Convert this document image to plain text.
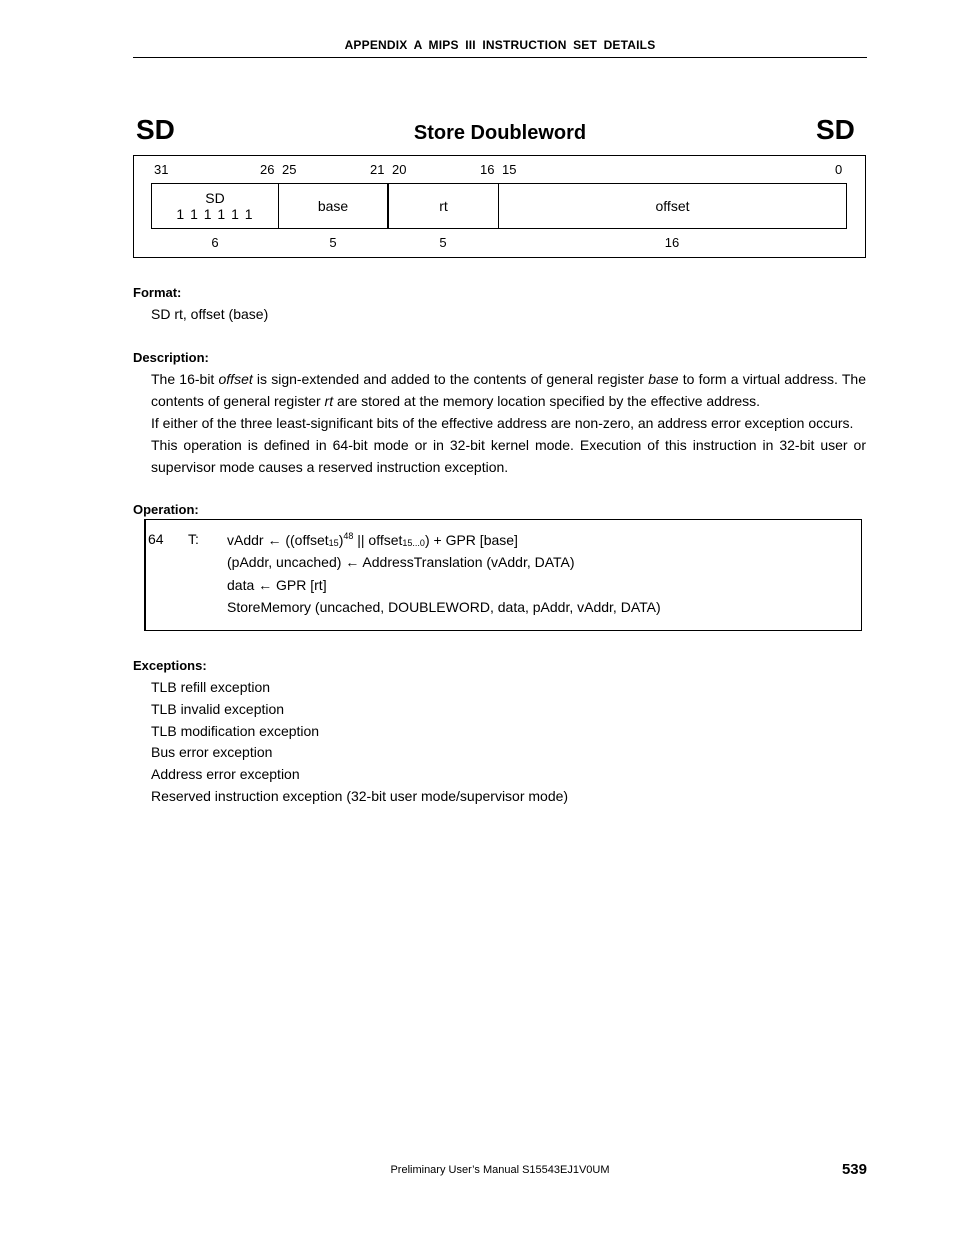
APPENDIX A MIPS III INSTRUCTION SET DETAILS
SD	Store Doubleword	SD
31	26 25	21 20	16 15	0
SD
1 1 1 1 1 1	base	rt	offset
6	5	5	16
Format:
SD rt, offset (base)
Description:

The 16-bit offset is sign-extended and added to the contents of general register base to form a virtual address. The contents of general register rt are stored at the memory location specified by the effective address.

If either of the three least-significant bits of the effective address are non-zero, an address error exception occurs.

This operation is defined in 64-bit mode or in 32-bit kernel mode. Execution of this instruction in 32-bit user or supervisor mode causes a reserved instruction exception.

Operation:
64 T: vAddr ← ((offset$_{15}$)$^{48}$ || offset$_{15...0}$) + GPR [base]
(pAddr, uncached) ← AddressTranslation (vAddr, DATA)
data ← GPR [rt]
StoreMemory (uncached, DOUBLEWORD, data, pAddr, vAddr, DATA)
Exceptions:
TLB refill exception
TLB invalid exception
TLB modification exception
Bus error exception
Address error exception
Reserved instruction exception (32-bit user mode/supervisor mode)
Preliminary User’s Manual S15543EJ1V0UM	539
